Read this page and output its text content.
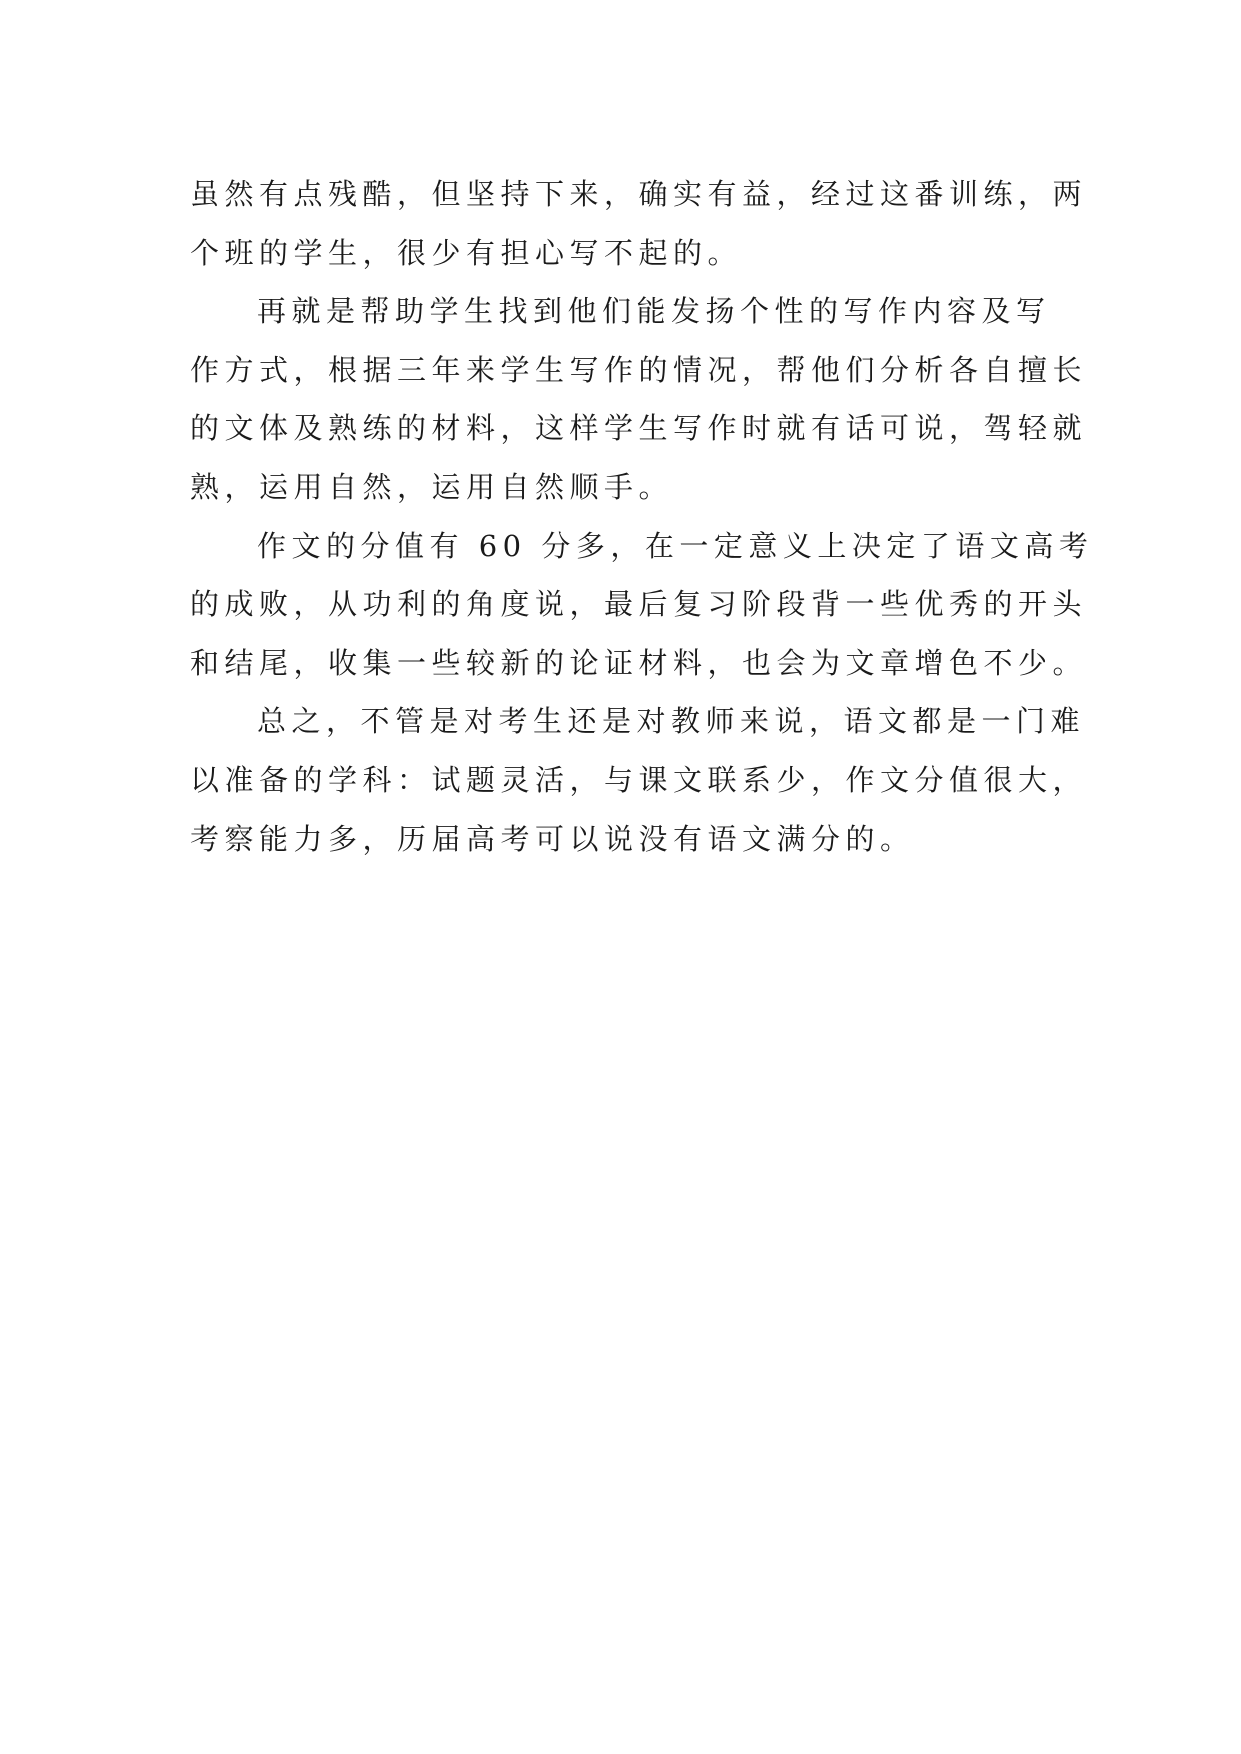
虽然有点残酷，但坚持下来，确实有益，经过这番训练，两
个班的学生，很少有担心写不起的。
再就是帮助学生找到他们能发扬个性的写作内容及写
作方式，根据三年来学生写作的情况，帮他们分析各自擅长
的文体及熟练的材料，这样学生写作时就有话可说，驾轻就
熟，运用自然，运用自然顺手。
作文的分值有 60 分多，在一定意义上决定了语文高考
的成败，从功利的角度说，最后复习阶段背一些优秀的开头
和结尾，收集一些较新的论证材料，也会为文章增色不少。
总之，不管是对考生还是对教师来说，语文都是一门难
以准备的学科：试题灵活，与课文联系少，作文分值很大，
考察能力多，历届高考可以说没有语文满分的。
